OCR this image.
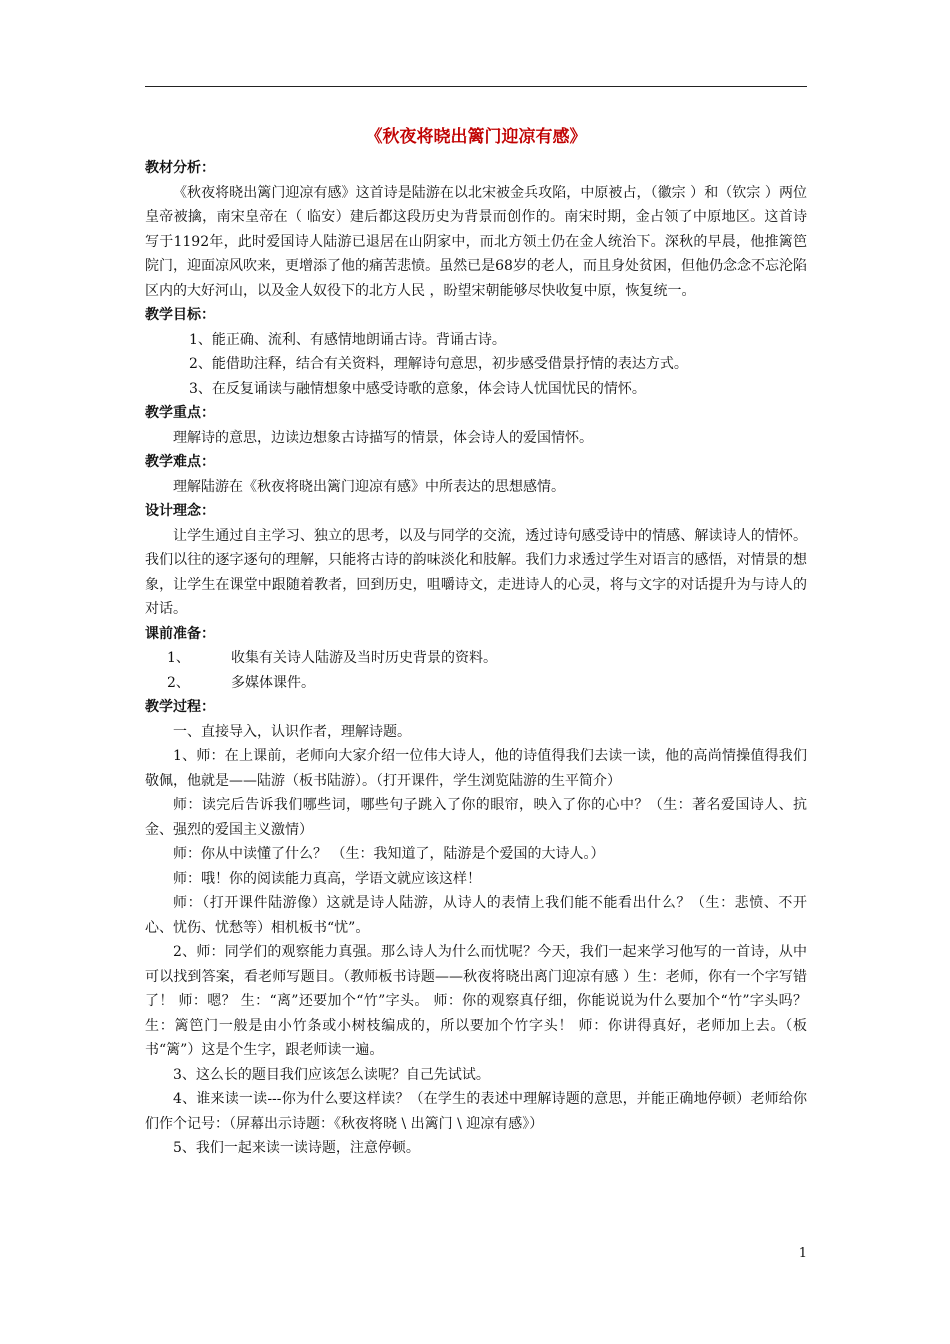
《秋夜将晓出篱门迎凉有感》

教材分析：

《秋夜将晓出篱门迎凉有感》这首诗是陆游在以北宋被金兵攻陷，中原被占，（徽宗 ）和（钦宗 ）两位皇帝被擒，南宋皇帝在（ 临安）建后都这段历史为背景而创作的。南宋时期，金占领了中原地区。这首诗写于1192年，此时爱国诗人陆游已退居在山阴家中，而北方领土仍在金人统治下。深秋的早晨，他推篱笆院门，迎面凉风吹来，更增添了他的痛苦悲愤。虽然已是68岁的老人，而且身处贫困，但他仍念念不忘沦陷区内的大好河山，以及金人奴役下的北方人民 ，盼望宋朝能够尽快收复中原，恢复统一。

教学目标：

1、能正确、流利、有感情地朗诵古诗。背诵古诗。

2、能借助注释，结合有关资料，理解诗句意思，初步感受借景抒情的表达方式。

3、在反复诵读与融情想象中感受诗歌的意象，体会诗人忧国忧民的情怀。

教学重点：

理解诗的意思，边读边想象古诗描写的情景，体会诗人的爱国情怀。

教学难点：

理解陆游在《秋夜将晓出篱门迎凉有感》中所表达的思想感情。

设计理念：

让学生通过自主学习、独立的思考，以及与同学的交流，透过诗句感受诗中的情感、解读诗人的情怀。我们以往的逐字逐句的理解，只能将古诗的韵味淡化和肢解。我们力求透过学生对语言的感悟，对情景的想象，让学生在课堂中跟随着教者，回到历史，咀嚼诗文，走进诗人的心灵，将与文字的对话提升为与诗人的对话。

课前准备：

1、	收集有关诗人陆游及当时历史背景的资料。

2、	多媒体课件。

教学过程：

一、直接导入，认识作者，理解诗题。

1、师：在上课前，老师向大家介绍一位伟大诗人，他的诗值得我们去读一读，他的高尚情操值得我们敬佩，他就是——陆游（板书陆游）。（打开课件，学生浏览陆游的生平简介）

师：读完后告诉我们哪些词，哪些句子跳入了你的眼帘，映入了你的心中？（生：著名爱国诗人、抗金、强烈的爱国主义激情）

师：你从中读懂了什么？ （生：我知道了，陆游是个爱国的大诗人。）

师：哦！你的阅读能力真高，学语文就应该这样！

师：（打开课件陆游像）这就是诗人陆游，从诗人的表情上我们能不能看出什么？（生：悲愤、不开心、忧伤、忧愁等）相机板书“忧”。

2、师：同学们的观察能力真强。那么诗人为什么而忧呢？今天，我们一起来学习他写的一首诗，从中可以找到答案，看老师写题目。（教师板书诗题——秋夜将晓出离门迎凉有感 ）生：老师，你有一个字写错了！ 师：嗯？ 生：“离”还要加个“竹”字头。 师：你的观察真仔细，你能说说为什么要加个“竹”字头吗？ 生：篱笆门一般是由小竹条或小树枝编成的，所以要加个竹字头！ 师：你讲得真好，老师加上去。（板书“篱”）这是个生字，跟老师读一遍。

3、这么长的题目我们应该怎么读呢？自己先试试。

4、谁来读一读---你为什么要这样读？（在学生的表述中理解诗题的意思，并能正确地停顿）老师给你们作个记号：（屏幕出示诗题：《秋夜将晓 \ 出篱门 \ 迎凉有感》）

5、我们一起来读一读诗题，注意停顿。

1
